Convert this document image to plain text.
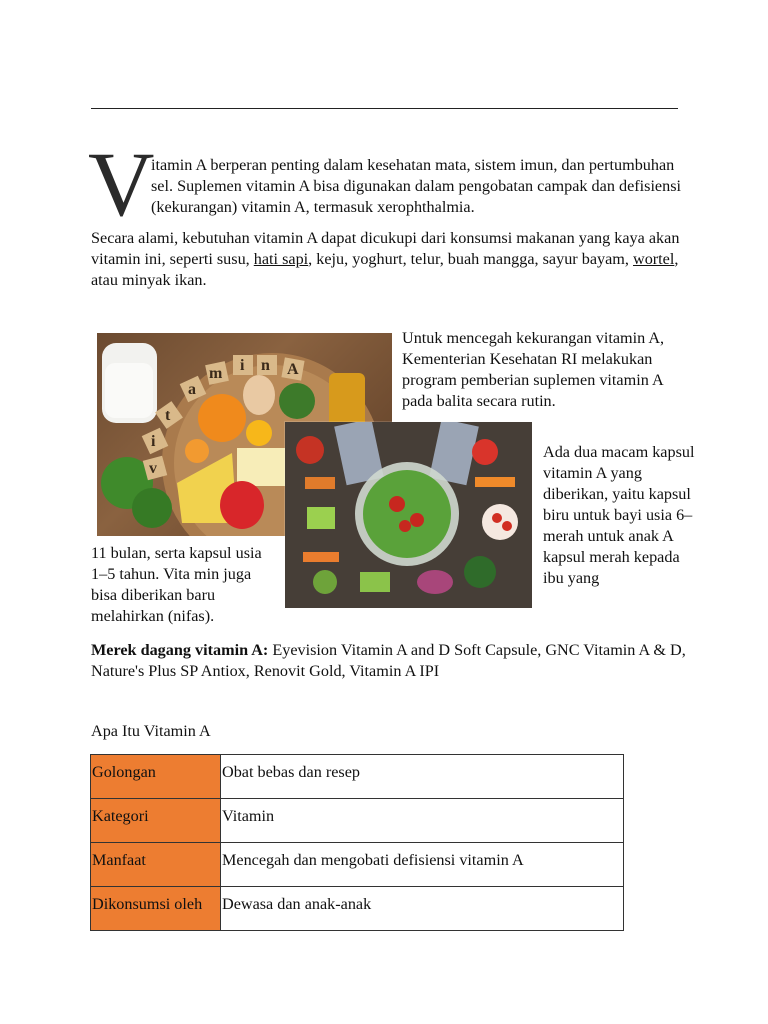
V

itamin A berperan penting dalam kesehatan mata, sistem imun, dan pertumbuhan sel. Suplemen vitamin A bisa digunakan dalam pengobatan campak dan defisiensi (kekurangan) vitamin A, termasuk xerophthalmia.

Secara alami, kebutuhan vitamin A dapat dicukupi dari konsumsi makanan yang kaya akan vitamin ini, seperti susu, hati sapi, keju, yoghurt, telur, buah mangga, sayur bayam, wortel, atau minyak ikan.

v
i
t
a
m i n A

Untuk mencegah kekurangan vitamin A, Kementerian Kesehatan RI melakukan program pemberian suplemen vitamin A pada balita secara rutin.

Ada dua macam kapsul vitamin A yang diberikan, yaitu kapsul biru untuk bayi usia 6– merah untuk anak A kapsul merah kepada ibu yang

11 bulan, serta kapsul usia 1–5 tahun. Vita min juga bisa diberikan baru melahirkan (nifas).

Merek dagang vitamin A: Eyevision Vitamin A and D Soft Capsule, GNC Vitamin A & D, Nature's Plus SP Antiox, Renovit Gold, Vitamin A IPI

Apa Itu Vitamin A

Golongan	Obat bebas dan resep
Kategori	Vitamin
Manfaat	Mencegah dan mengobati defisiensi vitamin A
Dikonsumsi oleh	Dewasa dan anak-anak
